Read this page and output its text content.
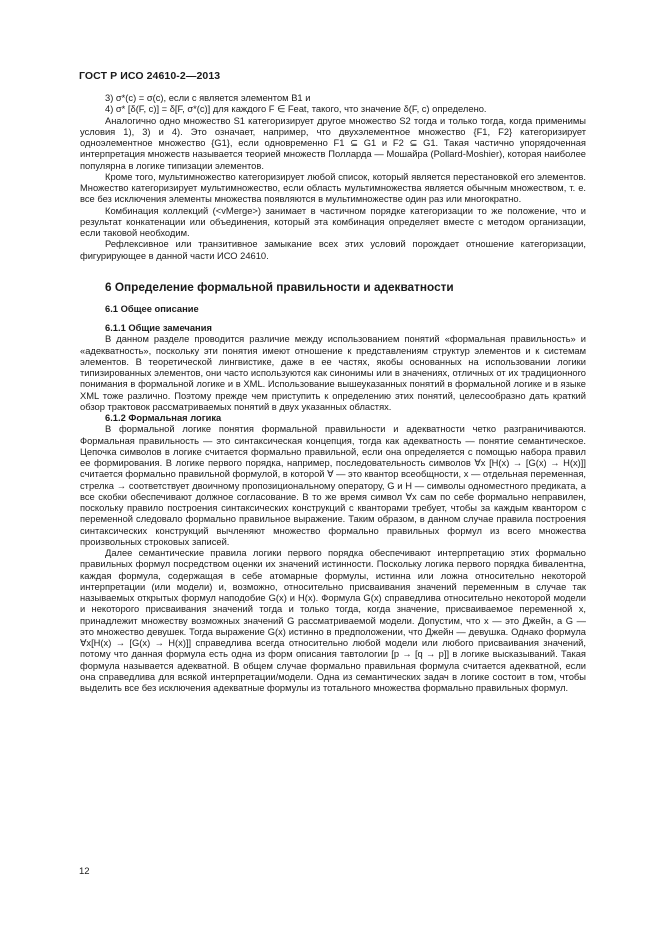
ГОСТ Р ИСО 24610-2—2013

3) σ*(c) = σ(c), если c является элементом B1 и

4) σ* [δ(F, c)] = δ[F, σ*(c)] для каждого F ∈ Feat, такого, что значение δ(F, c) определено.

Аналогично одно множество S1 категоризирует другое множество S2 тогда и только тогда, когда применимы условия 1), 3) и 4). Это означает, например, что двухэлементное множество {F1, F2} категоризирует одноэлементное множество {G1}, если одновременно F1 ⊆ G1 и F2 ⊆ G1. Такая частично упорядоченная интерпретация множеств называется теорией множеств Полларда — Мошайра (Pollard-Moshier), которая наиболее популярна в логике типизации элементов.

Кроме того, мультимножество категоризирует любой список, который является перестановкой его элементов. Множество категоризирует мультимножество, если область мультимножества является обычным множеством, т. е. все без исключения элементы множества появляются в мультимножестве один раз или многократно.

Комбинация коллекций (<vMerge>) занимает в частичном порядке категоризации то же положение, что и результат конкатенации или объединения, который эта комбинация определяет вместе с методом организации, если таковой необходим.

Рефлексивное или транзитивное замыкание всех этих условий порождает отношение категоризации, фигурирующее в данной части ИСО 24610.

6 Определение формальной правильности и адекватности
6.1 Общее описание
6.1.1 Общие замечания

В данном разделе проводится различие между использованием понятий «формальная правильность» и «адекватность», поскольку эти понятия имеют отношение к представлениям структур элементов и к системам элементов. В теоретической лингвистике, даже в ее частях, якобы основанных на использовании логики типизированных элементов, они часто используются как синонимы или в значениях, отличных от их традиционного понимания в формальной логике и в XML. Использование вышеуказанных понятий в формальной логике и в языке XML тоже различно. Поэтому прежде чем приступить к определению этих понятий, целесообразно дать краткий обзор трактовок рассматриваемых понятий в двух указанных областях.

6.1.2 Формальная логика

В формальной логике понятия формальной правильности и адекватности четко разграничиваются. Формальная правильность — это синтаксическая концепция, тогда как адекватность — понятие семантическое. Цепочка символов в логике считается формально правильной, если она определяется с помощью набора правил ее формирования. В логике первого порядка, например, последовательность символов ∀x [H(x) → [G(x) → H(x)]] считается формально правильной формулой, в которой ∀ — это квантор всеобщности, x — отдельная переменная, стрелка → соответствует двоичному пропозициональному оператору, G и H — символы одноместного предиката, а все скобки обеспечивают должное согласование. В то же время символ ∀x сам по себе формально неправилен, поскольку правило построения синтаксических конструкций с кванторами требует, чтобы за каждым квантором с переменной следовало формально правильное выражение. Таким образом, в данном случае правила построения синтаксических конструкций вычленяют множество формально правильных формул из всего множества произвольных строковых записей.

Далее семантические правила логики первого порядка обеспечивают интерпретацию этих формально правильных формул посредством оценки их значений истинности. Поскольку логика первого порядка бивалентна, каждая формула, содержащая в себе атомарные формулы, истинна или ложна относительно некоторой интерпретации (или модели) и, возможно, относительно присваивания значений переменным в случае так называемых открытых формул наподобие G(x) и H(x). Формула G(x) справедлива относительно некоторой модели и некоторого присваивания значений тогда и только тогда, когда значение, присваиваемое переменной x, принадлежит множеству возможных значений G рассматриваемой модели. Допустим, что x — это Джейн, а G — это множество девушек. Тогда выражение G(x) истинно в предположении, что Джейн — девушка. Однако формула ∀x[H(x) → [G(x) → H(x)]] справедлива всегда относительно любой модели или любого присваивания значений, потому что данная формула есть одна из форм описания тавтологии [p → [q → p]] в логике высказываний. Такая формула называется адекватной. В общем случае формально правильная формула считается адекватной, если она справедлива для всякой интерпретации/модели. Одна из семантических задач в логике состоит в том, чтобы выделить все без исключения адекватные формулы из тотального множества формально правильных формул.

12
